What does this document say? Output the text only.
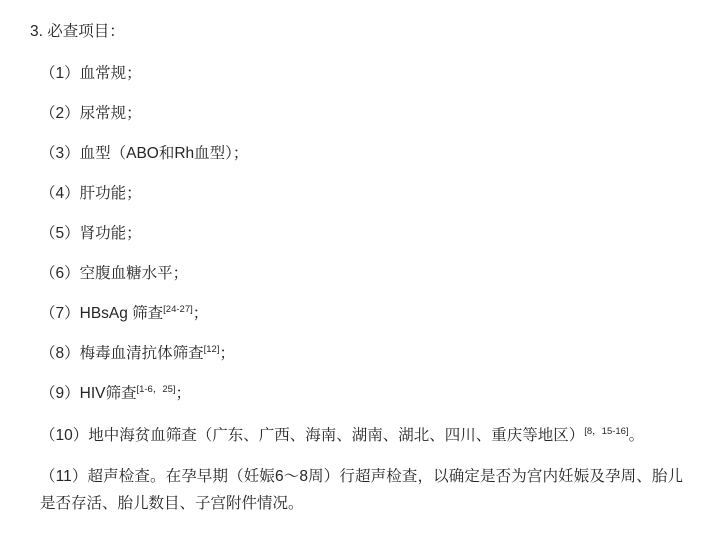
3. 必查项目：

（1）血常规；

（2）尿常规；

（3）血型（ABO和Rh血型）；

（4）肝功能；

（5）肾功能；

（6）空腹血糖水平；

（7）HBsAg 筛查[24-27]；

（8）梅毒血清抗体筛查[12]；

（9）HIV筛查[1-6，25]；

（10）地中海贫血筛查（广东、广西、海南、湖南、湖北、四川、重庆等地区）[8，15-16]。

（11）超声检查。在孕早期（妊娠6～8周）行超声检查，以确定是否为宫内妊娠及孕周、胎儿是否存活、胎儿数目、子宫附件情况。
